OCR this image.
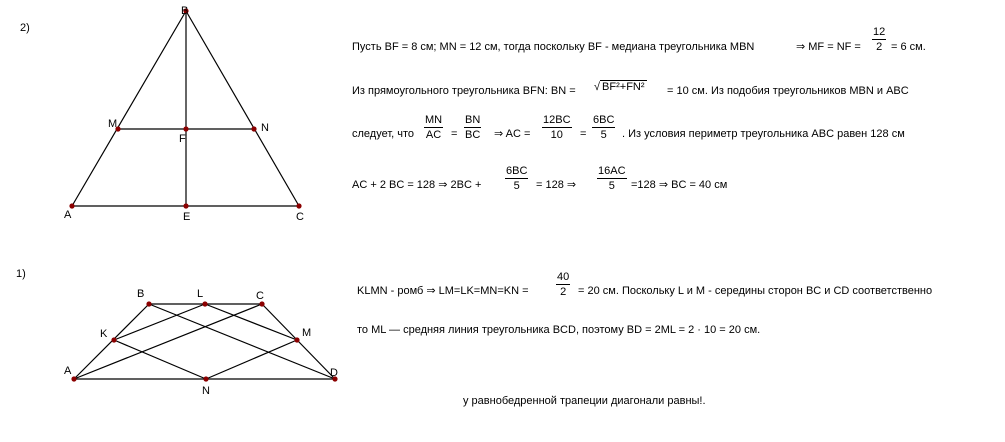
B
M
F
N
A	E	C
B	L	C
K	M
A
N
D
2)
1)
Пусть BF = 8 см; MN = 12 см, тогда поскольку BF - медиана треугольника MBN	⇒ MF = NF = $\frac{12}{2} = 6$ см.
Из прямоугольного треугольника BFN: BN = √ BF²+FN² = 10 см. Из подобия треугольников MBN и ABC
следует, что $\frac{MN}{AC} = \frac{BN}{BC}$ ⇒ AC = $\frac{12BC}{10} = \frac{6BC}{5}$ . Из условия периметр треугольника ABC равен 128 см
AC + 2 BC = 128 ⇒ $2BC + \frac{6BC}{5} = 128$ ⇒ $\frac{16AC}{5} =128$ ⇒ BC = 40 см
KLMN - ромб ⇒ $LM=LK=MN=KN = \frac{40}{2} = 20$ см. Поскольку L и M - середины сторон BC и CD соответственно
то ML — средняя линия треугольника BCD, поэтому BD = 2ML = 2 · 10 = 20 см.
у равнобедренной трапеции диагонали равны!.
